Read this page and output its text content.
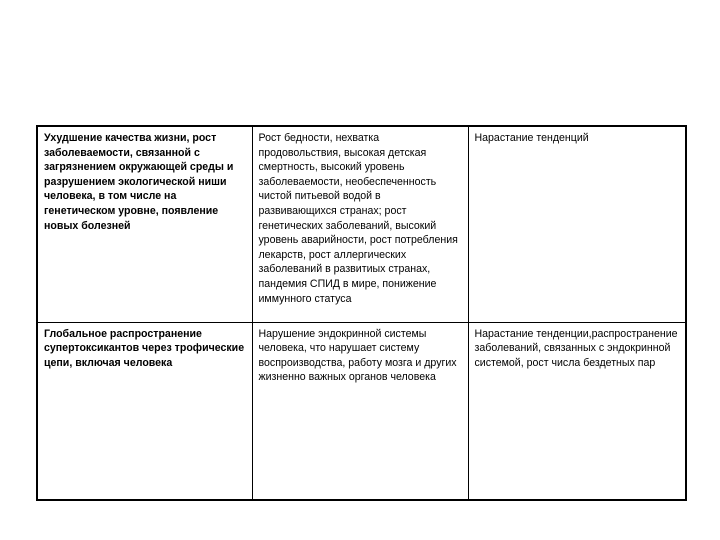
Ухудшение качества жизни, рост заболеваемости, связанной с загрязнением окружающей среды и разрушением экологической ниши человека, в том числе на генетическом уровне, появление новых болезней	Рост бедности, нехватка продовольствия, высокая детская смертность, высокий уровень заболеваемости, необеспеченность чистой питьевой водой в развивающихся странах; рост генетических заболеваний, высокий уровень аварийности, рост потребления лекарств, рост аллергических заболеваний в развитиых странах, пандемия СПИД в мире, понижение иммунного статуса	Нарастание тенденций
Глобальное распространение супертоксикантов через трофические цепи, включая человека	Нарушение эндокринной системы человека, что нарушает систему воспроизводства, работу мозга и других жизненно важных органов человека	Нарастание тенденции,распространение заболеваний, связанных с эндокринной системой, рост числа бездетных пар
